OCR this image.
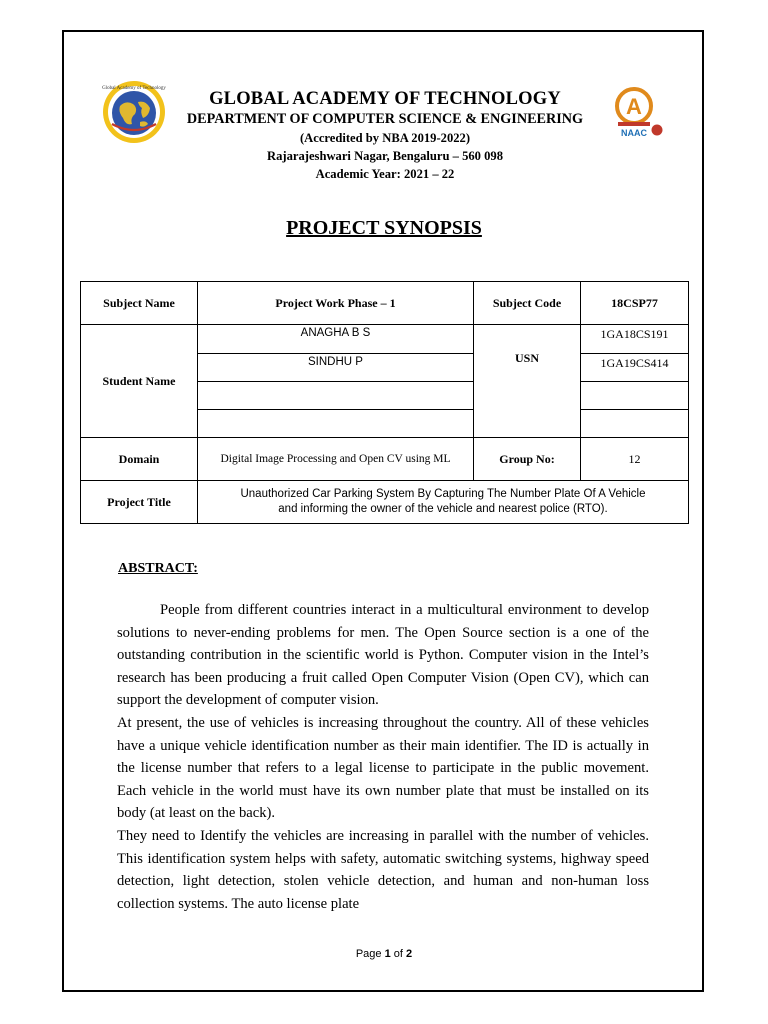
Global Academy of Technology
A
NAAC
GLOBAL ACADEMY OF TECHNOLOGY
DEPARTMENT OF COMPUTER SCIENCE & ENGINEERING
(Accredited by NBA 2019-2022)
Rajarajeshwari Nagar, Bengaluru – 560 098
Academic Year: 2021 – 22
PROJECT SYNOPSIS
Subject Name	Project Work Phase – 1	Subject Code	18CSP77
Student Name	ANAGHA B S	USN	1GA18CS191
	SINDHU P		1GA19CS414

Domain	Digital Image Processing and Open CV using ML	Group No:	12
Project Title	Unauthorized Car Parking System By Capturing The Number Plate Of A Vehicle
and informing the owner of the vehicle and nearest police (RTO).		
ABSTRACT:

People from different countries interact in a multicultural environment to develop solutions to never-ending problems for men. The Open Source section is a one of the outstanding contribution in the scientific world is Python. Computer vision in the Intel’s research has been producing a fruit called Open Computer Vision (Open CV), which can support the development of computer vision.

At present, the use of vehicles is increasing throughout the country. All of these vehicles have a unique vehicle identification number as their main identifier. The ID is actually in the license number that refers to a legal license to participate in the public movement. Each vehicle in the world must have its own number plate that must be installed on its body (at least on the back).

They need to Identify the vehicles are increasing in parallel with the number of vehicles. This identification system helps with safety, automatic switching systems, highway speed detection, light detection, stolen vehicle detection, and human and non-human loss collection systems. The auto license plate

Page 1 of 2
